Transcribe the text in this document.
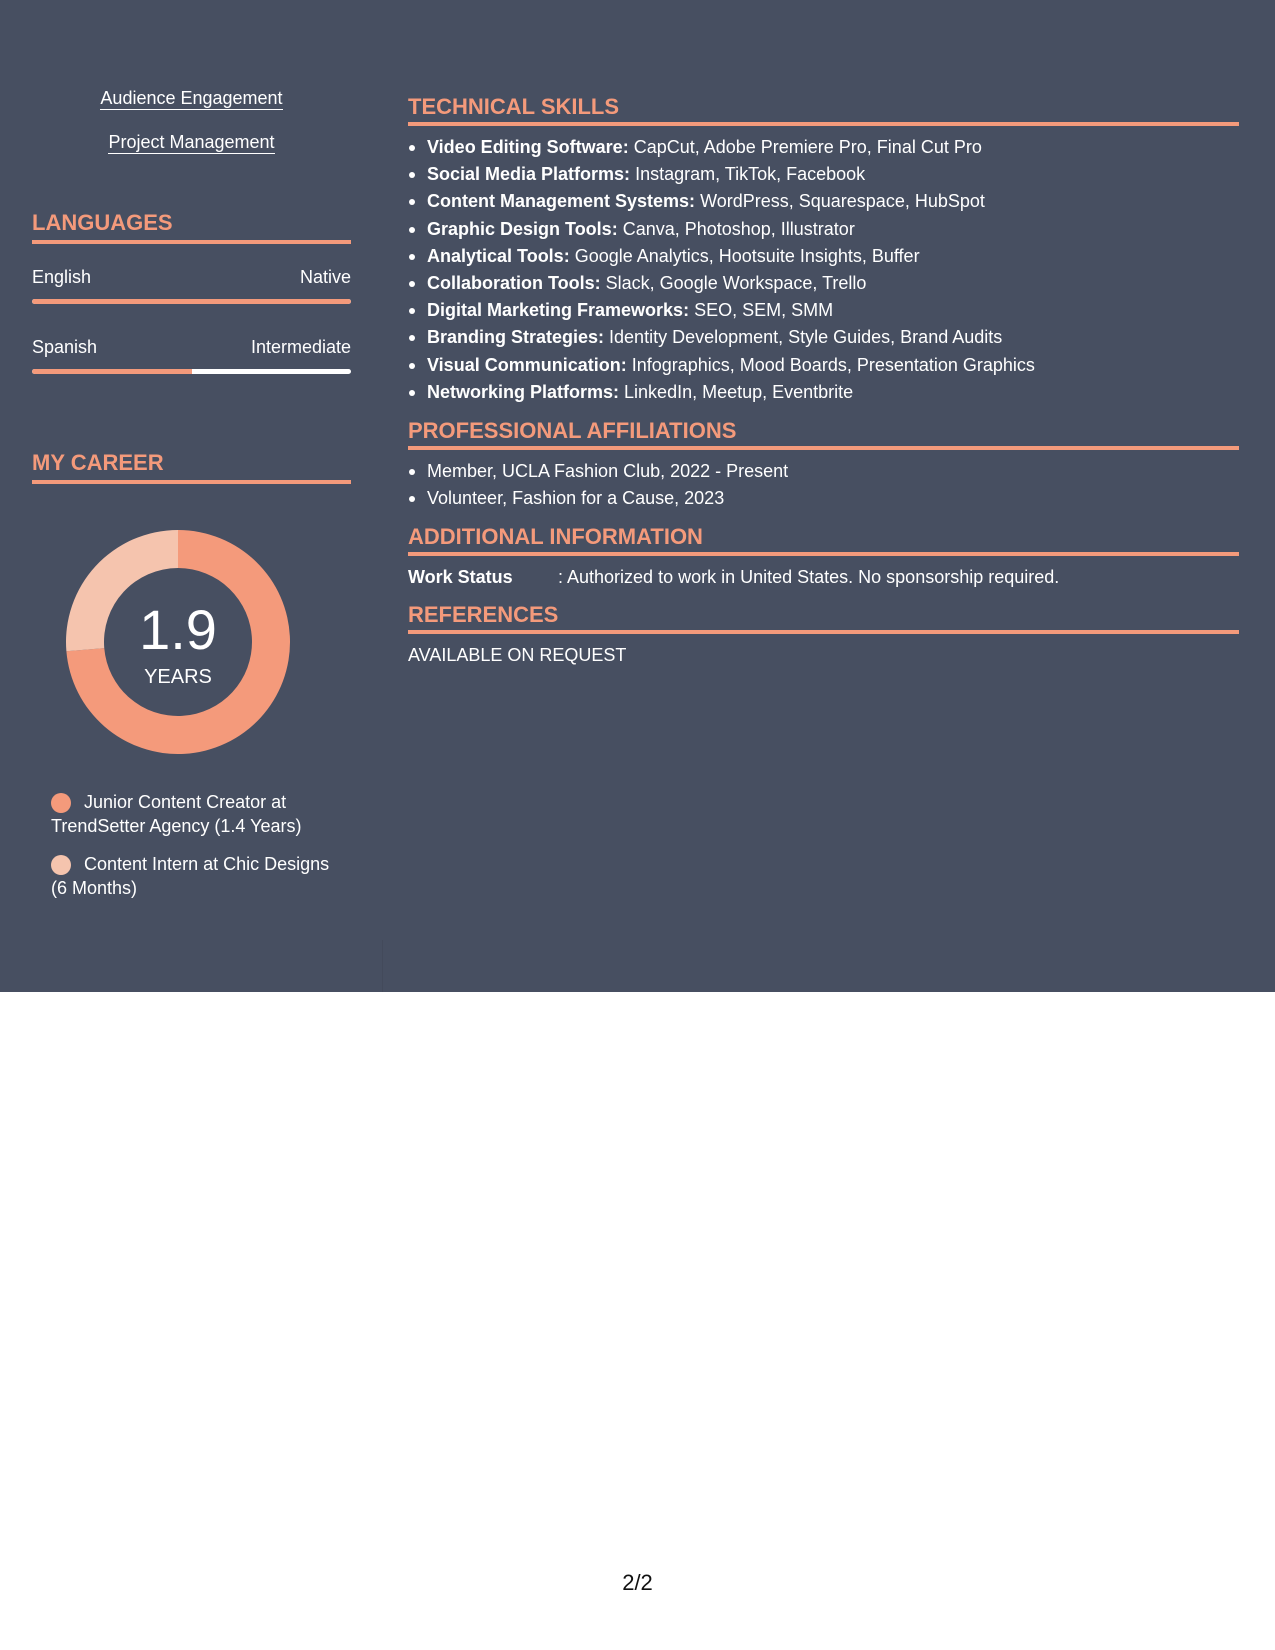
Audience Engagement
Project Management
LANGUAGES
English	Native
Spanish	Intermediate
MY CAREER
1.9
YEARS
Junior Content Creator at TrendSetter Agency (1.4 Years)
Content Intern at Chic Designs (6 Months)
TECHNICAL SKILLS
Video Editing Software: CapCut, Adobe Premiere Pro, Final Cut Pro
Social Media Platforms: Instagram, TikTok, Facebook
Content Management Systems: WordPress, Squarespace, HubSpot
Graphic Design Tools: Canva, Photoshop, Illustrator
Analytical Tools: Google Analytics, Hootsuite Insights, Buffer
Collaboration Tools: Slack, Google Workspace, Trello
Digital Marketing Frameworks: SEO, SEM, SMM
Branding Strategies: Identity Development, Style Guides, Brand Audits
Visual Communication: Infographics, Mood Boards, Presentation Graphics
Networking Platforms: LinkedIn, Meetup, Eventbrite
PROFESSIONAL AFFILIATIONS
Member, UCLA Fashion Club, 2022 - Present
Volunteer, Fashion for a Cause, 2023
ADDITIONAL INFORMATION
Work Status	: Authorized to work in United States. No sponsorship required.
REFERENCES
AVAILABLE ON REQUEST
2/2
